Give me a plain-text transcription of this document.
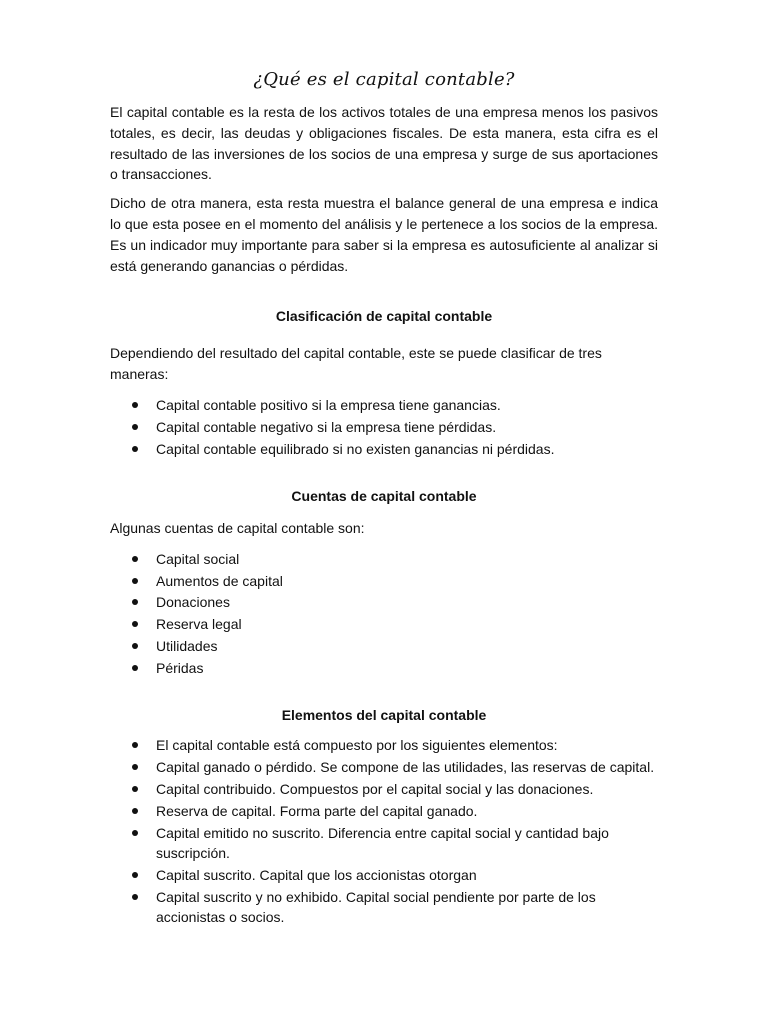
¿Qué es el capital contable?

El capital contable es la resta de los activos totales de una empresa menos los pasivos totales, es decir, las deudas y obligaciones fiscales. De esta manera, esta cifra es el resultado de las inversiones de los socios de una empresa y surge de sus aportaciones o transacciones.

Dicho de otra manera, esta resta muestra el balance general de una empresa e indica lo que esta posee en el momento del análisis y le pertenece a los socios de la empresa. Es un indicador muy importante para saber si la empresa es autosuficiente al analizar si está generando ganancias o pérdidas.

Clasificación de capital contable

Dependiendo del resultado del capital contable, este se puede clasificar de tres maneras:

Capital contable positivo si la empresa tiene ganancias.
Capital contable negativo si la empresa tiene pérdidas.
Capital contable equilibrado si no existen ganancias ni pérdidas.
Cuentas de capital contable

Algunas cuentas de capital contable son:

Capital social
Aumentos de capital
Donaciones
Reserva legal
Utilidades
Péridas
Elementos del capital contable
El capital contable está compuesto por los siguientes elementos:
Capital ganado o pérdido. Se compone de las utilidades, las reservas de capital.
Capital contribuido. Compuestos por el capital social y las donaciones.
Reserva de capital. Forma parte del capital ganado.
Capital emitido no suscrito. Diferencia entre capital social y cantidad bajo suscripción.
Capital suscrito. Capital que los accionistas otorgan
Capital suscrito y no exhibido. Capital social pendiente por parte de los accionistas o socios.
